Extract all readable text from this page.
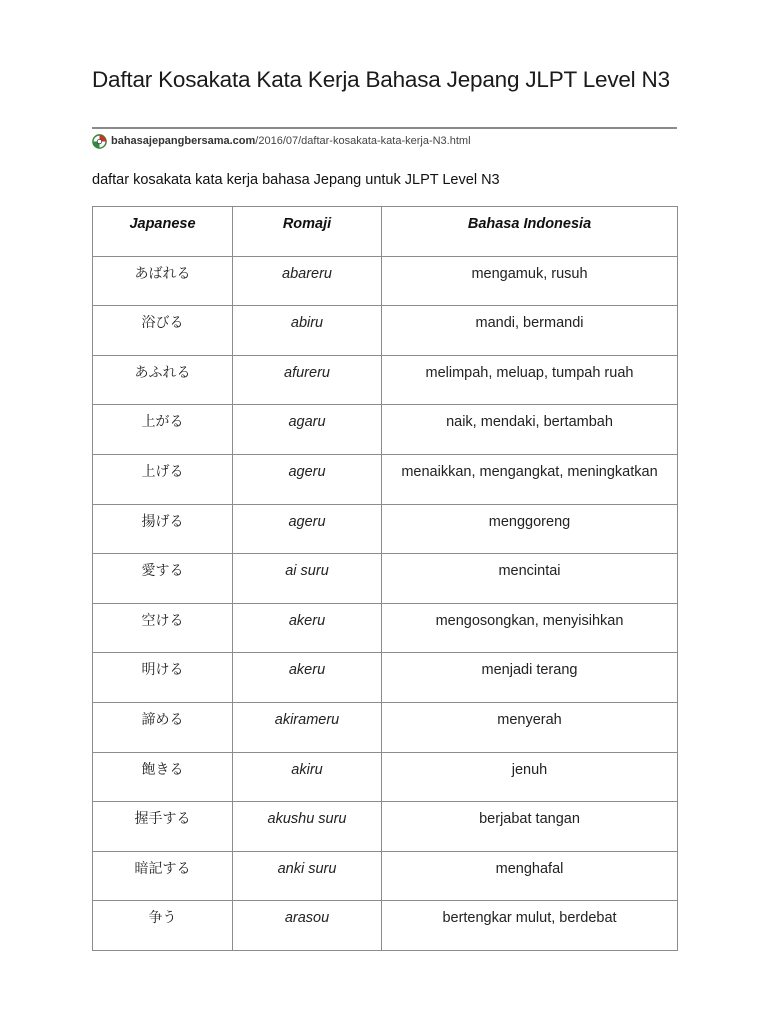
Daftar Kosakata Kata Kerja Bahasa Jepang JLPT Level N3
bahasajepangbersama.com /2016/07/daftar-kosakata-kata-kerja-N3.html
daftar kosakata kata kerja bahasa Jepang untuk JLPT Level N3
Japanese	Romaji	Bahasa Indonesia

あばれる	abareru	mengamuk, rusuh

浴びる	abiru	mandi, bermandi

あふれる	afureru	melimpah, meluap, tumpah ruah

上がる	agaru	naik, mendaki, bertambah

上げる	ageru	menaikkan, mengangkat, meningkatkan

揚げる	ageru	menggoreng

愛する	ai suru	mencintai

空ける	akeru	mengosongkan, menyisihkan

明ける	akeru	menjadi terang

諦める	akirameru	menyerah

飽きる	akiru	jenuh

握手する	akushu suru	berjabat tangan

暗記する	anki suru	menghafal

争う	arasou	bertengkar mulut, berdebat
